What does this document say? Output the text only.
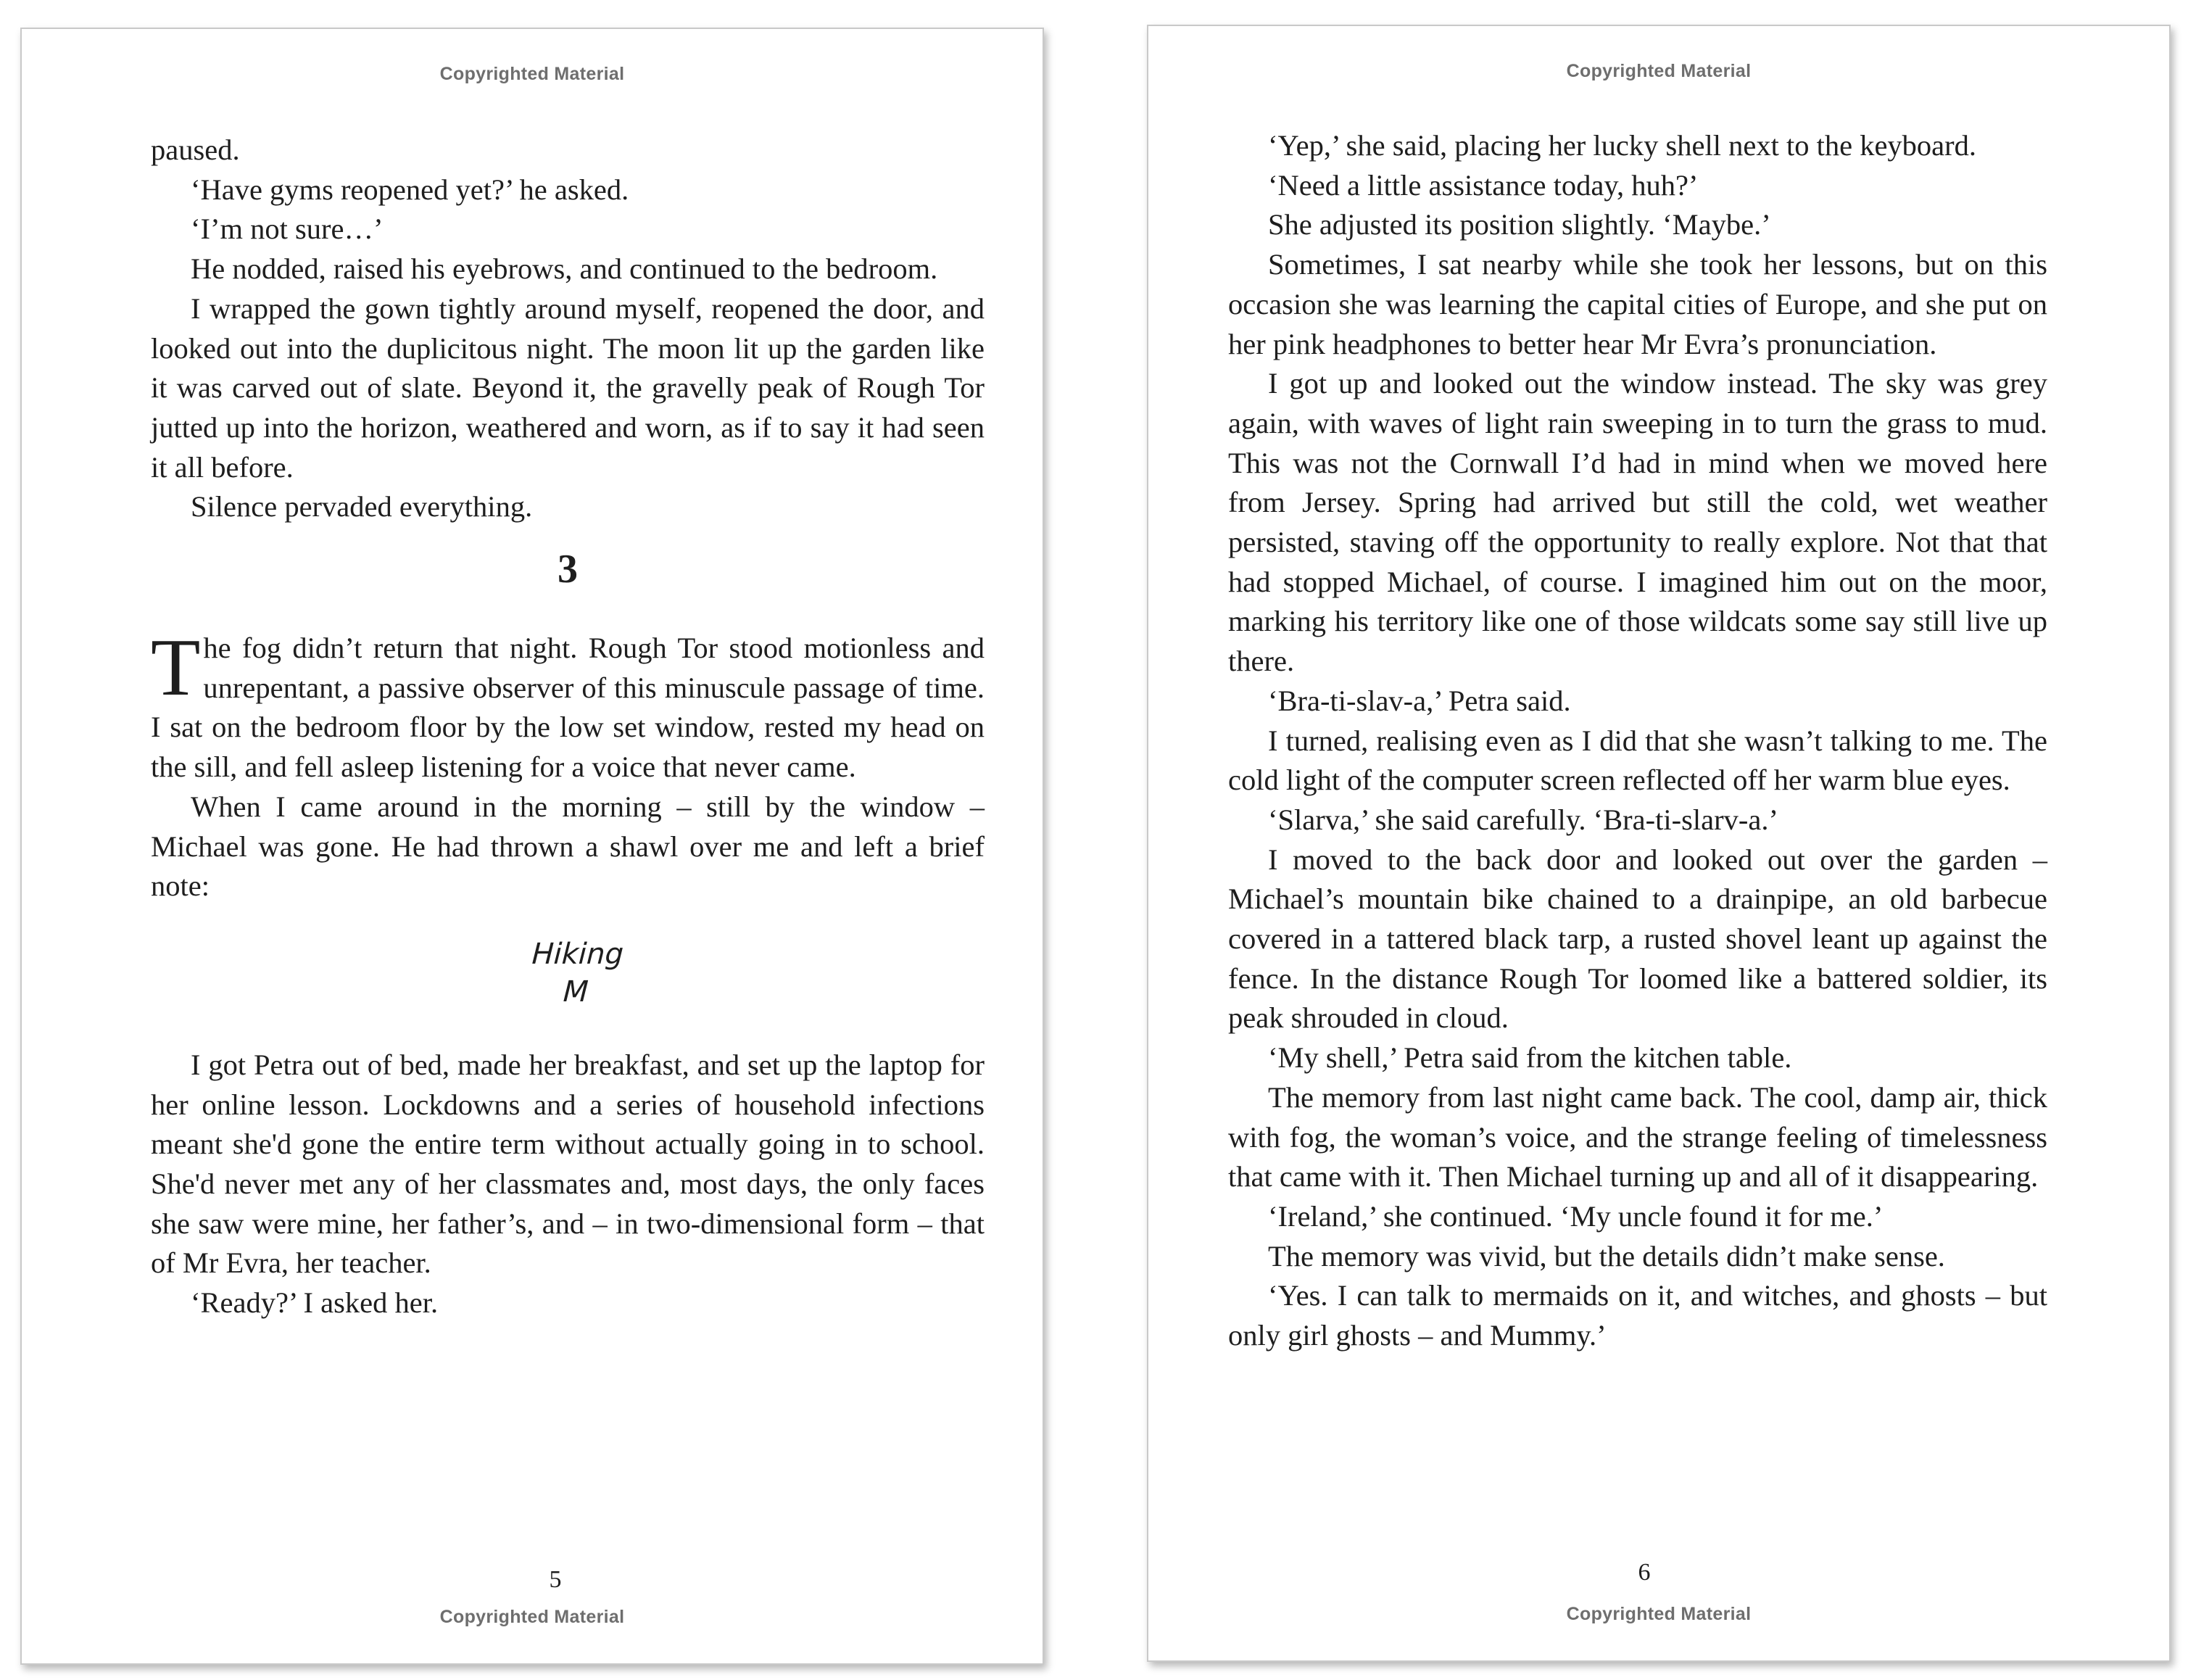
Copyrighted Material

paused.

‘Have gyms reopened yet?’ he asked.

‘I’m not sure…’

He nodded, raised his eyebrows, and continued to the bedroom.

I wrapped the gown tightly around myself, reopened the door, and looked out into the duplicitous night. The moon lit up the garden like it was carved out of slate. Beyond it, the gravelly peak of Rough Tor jutted up into the horizon, weathered and worn, as if to say it had seen it all before.

Silence pervaded everything.

3

The fog didn’t return that night. Rough Tor stood motionless and unrepentant, a passive observer of this minuscule passage of time. I sat on the bedroom floor by the low set window, rested my head on the sill, and fell asleep listening for a voice that never came.

When I came around in the morning – still by the window – Michael was gone. He had thrown a shawl over me and left a brief note:

Hiking
M

I got Petra out of bed, made her breakfast, and set up the laptop for her online lesson. Lockdowns and a series of household infections meant she'd gone the entire term without actually going in to school. She'd never met any of her classmates and, most days, the only faces she saw were mine, her father’s, and – in two-dimensional form – that of Mr Evra, her teacher.

‘Ready?’ I asked her.

5
Copyrighted Material
Copyrighted Material

‘Yep,’ she said, placing her lucky shell next to the keyboard.

‘Need a little assistance today, huh?’

She adjusted its position slightly. ‘Maybe.’

Sometimes, I sat nearby while she took her lessons, but on this occasion she was learning the capital cities of Europe, and she put on her pink headphones to better hear Mr Evra’s pronunciation.

I got up and looked out the window instead. The sky was grey again, with waves of light rain sweeping in to turn the grass to mud. This was not the Cornwall I’d had in mind when we moved here from Jersey. Spring had arrived but still the cold, wet weather persisted, staving off the opportunity to really explore. Not that that had stopped Michael, of course. I imagined him out on the moor, marking his territory like one of those wildcats some say still live up there.

‘Bra-ti-slav-a,’ Petra said.

I turned, realising even as I did that she wasn’t talking to me. The cold light of the computer screen reflected off her warm blue eyes.

‘Slarva,’ she said carefully. ‘Bra-ti-slarv-a.’

I moved to the back door and looked out over the garden – Michael’s mountain bike chained to a drainpipe, an old barbecue covered in a tattered black tarp, a rusted shovel leant up against the fence. In the distance Rough Tor loomed like a battered soldier, its peak shrouded in cloud.

‘My shell,’ Petra said from the kitchen table.

The memory from last night came back. The cool, damp air, thick with fog, the woman’s voice, and the strange feeling of timelessness that came with it. Then Michael turning up and all of it disappearing.

‘Ireland,’ she continued. ‘My uncle found it for me.’

The memory was vivid, but the details didn’t make sense.

‘Yes. I can talk to mermaids on it, and witches, and ghosts – but only girl ghosts – and Mummy.’

6
Copyrighted Material
